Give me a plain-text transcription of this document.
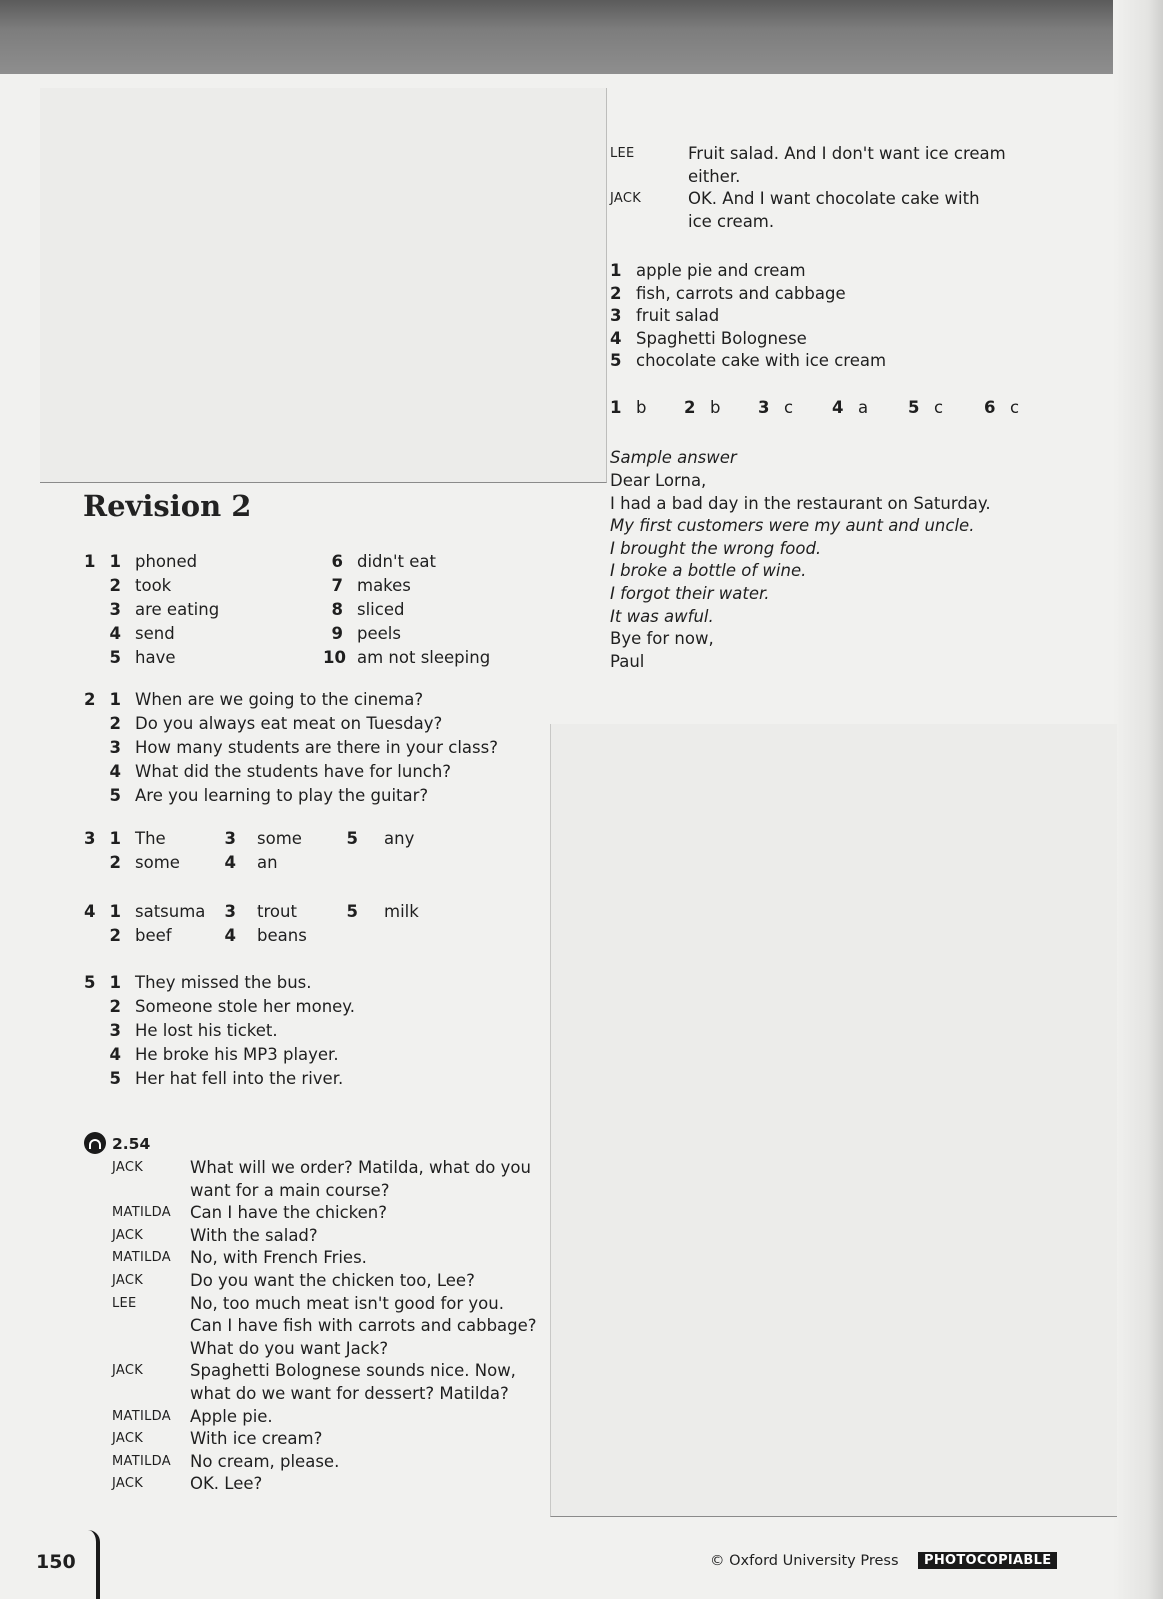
Revision 2
1 1 phoned
2 took
3 are eating
4 send
5 have
6 didn't eat
7 makes
8 sliced
9 peels
10 am not sleeping
2 1 When are we going to the cinema?
2 Do you always eat meat on Tuesday?
3 How many students are there in your class?
4 What did the students have for lunch?
5 Are you learning to play the guitar?
3 1 The
2 some
3 some
4 an
5 any
4 1 satsuma
2 beef
3 trout
4 beans
5 milk
5 1 They missed the bus.
2 Someone stole her money.
3 He lost his ticket.
4 He broke his MP3 player.
5 Her hat fell into the river.
2.54
JACK	What will we order? Matilda, what do you
want for a main course?
MATILDA Can I have the chicken?
JACK	With the salad?
MATILDA No, with French Fries.
JACK	Do you want the chicken too, Lee?
LEE	No, too much meat isn't good for you.
Can I have fish with carrots and cabbage?
What do you want Jack?
JACK	Spaghetti Bolognese sounds nice. Now,
what do we want for dessert? Matilda?
MATILDA Apple pie.
JACK	With ice cream?
MATILDA No cream, please.
JACK	OK. Lee?
LEE	Fruit salad. And I don't want ice cream
either.
JACK	OK. And I want chocolate cake with
ice cream.
1 apple pie and cream
2 fish, carrots and cabbage
3 fruit salad
4 Spaghetti Bolognese
5 chocolate cake with ice cream
1 b 2 b 3 c 4 a 5 c 6 c
Sample answer
Dear Lorna,
I had a bad day in the restaurant on Saturday.
My first customers were my aunt and uncle.
I brought the wrong food.
I broke a bottle of wine.
I forgot their water.
It was awful.
Bye for now,
Paul
150	© Oxford University Press	PHOTOCOPIABLE
